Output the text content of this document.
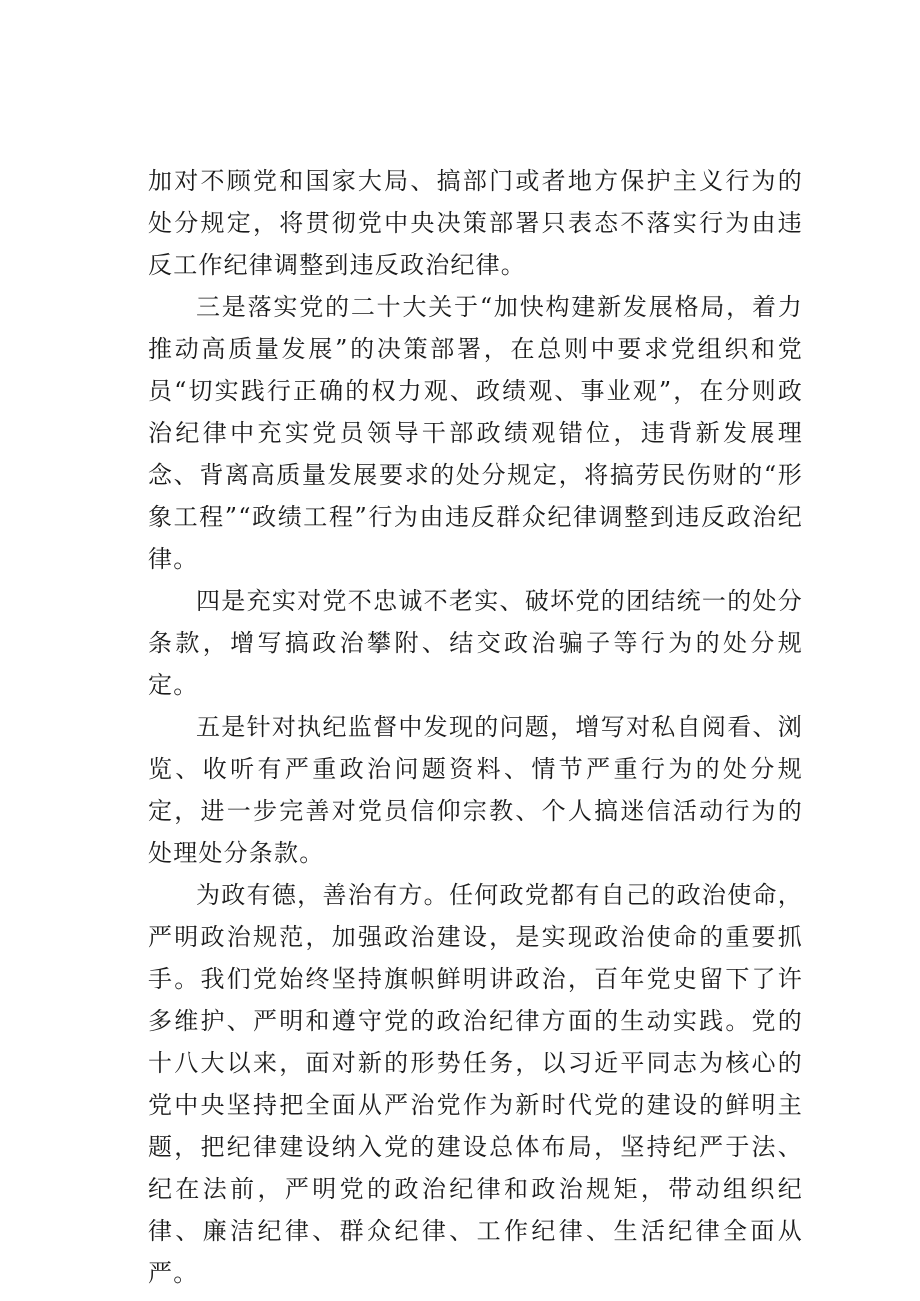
加对不顾党和国家大局、搞部门或者地方保护主义行为的处分规定，将贯彻党中央决策部署只表态不落实行为由违反工作纪律调整到违反政治纪律。

三是落实党的二十大关于“加快构建新发展格局，着力推动高质量发展”的决策部署，在总则中要求党组织和党员“切实践行正确的权力观、政绩观、事业观”，在分则政治纪律中充实党员领导干部政绩观错位，违背新发展理念、背离高质量发展要求的处分规定，将搞劳民伤财的“形象工程”“政绩工程”行为由违反群众纪律调整到违反政治纪律。

四是充实对党不忠诚不老实、破坏党的团结统一的处分条款，增写搞政治攀附、结交政治骗子等行为的处分规定。

五是针对执纪监督中发现的问题，增写对私自阅看、浏览、收听有严重政治问题资料、情节严重行为的处分规定，进一步完善对党员信仰宗教、个人搞迷信活动行为的处理处分条款。

为政有德，善治有方。任何政党都有自己的政治使命，严明政治规范，加强政治建设，是实现政治使命的重要抓手。我们党始终坚持旗帜鲜明讲政治，百年党史留下了许多维护、严明和遵守党的政治纪律方面的生动实践。党的十八大以来，面对新的形势任务，以习近平同志为核心的党中央坚持把全面从严治党作为新时代党的建设的鲜明主题，把纪律建设纳入党的建设总体布局，坚持纪严于法、纪在法前，严明党的政治纪律和政治规矩，带动组织纪律、廉洁纪律、群众纪律、工作纪律、生活纪律全面从严。
